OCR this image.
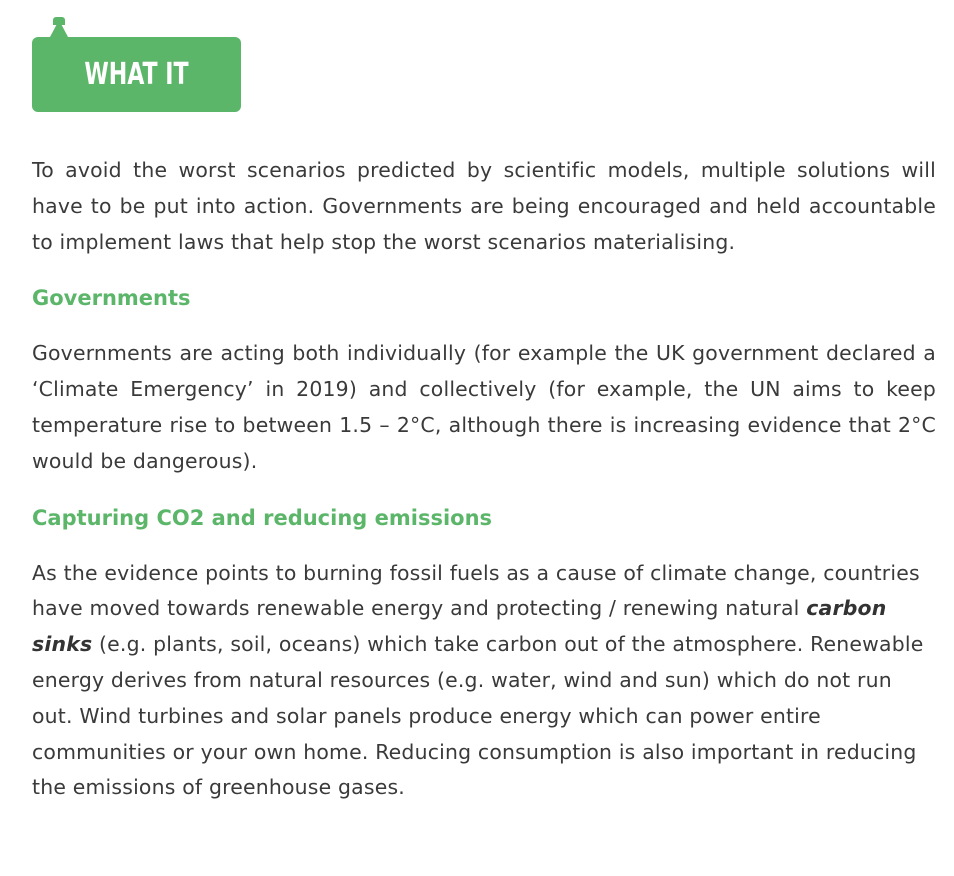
WHAT IT MEANS

To avoid the worst scenarios predicted by scientific models, multiple solutions will have to be put into action. Governments are being encouraged and held accountable to implement laws that help stop the worst scenarios materialising.

Governments

Governments are acting both individually (for example the UK government declared a ‘Climate Emergency’ in 2019) and collectively (for example, the UN aims to keep temperature rise to between 1.5 – 2°C, although there is increasing evidence that 2°C would be dangerous).

Capturing CO2 and reducing emissions

As the evidence points to burning fossil fuels as a cause of climate change, countries have moved towards renewable energy and protecting / renewing natural carbon sinks (e.g. plants, soil, oceans) which take carbon out of the atmosphere. Renewable energy derives from natural resources (e.g. water, wind and sun) which do not run out. Wind turbines and solar panels produce energy which can power entire communities or your own home. Reducing consumption is also important in reducing the emissions of greenhouse gases.
